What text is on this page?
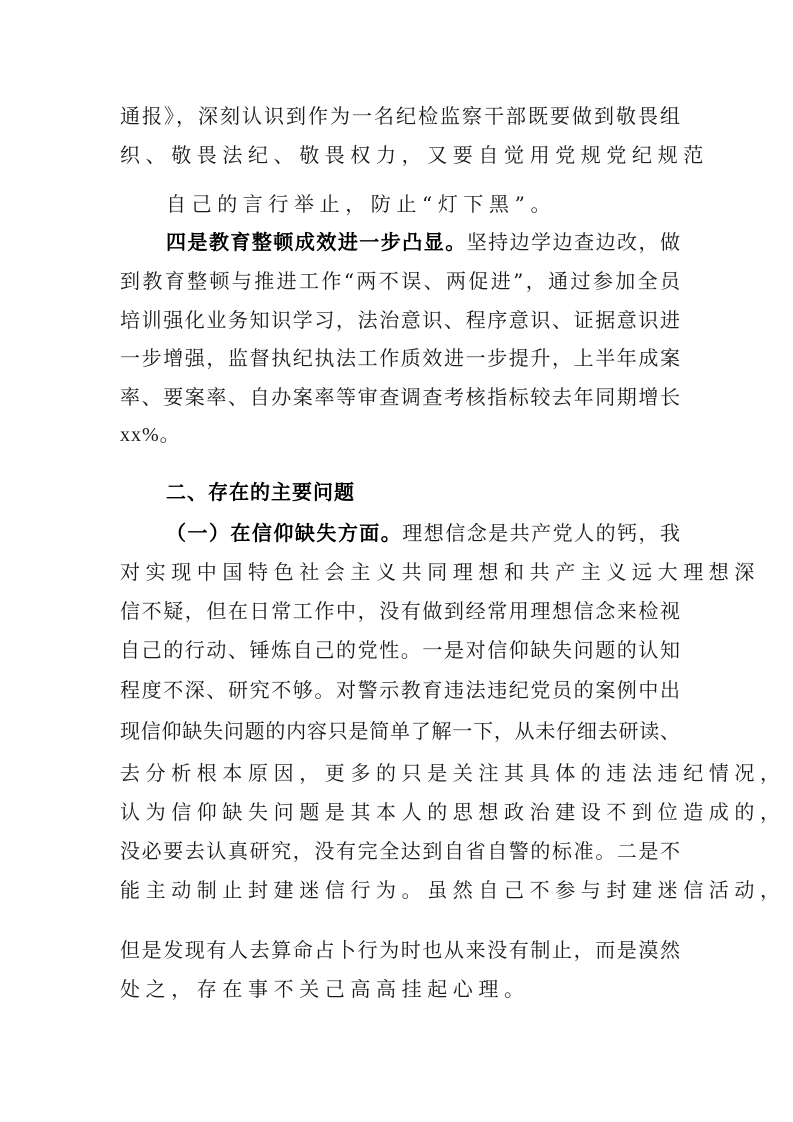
通报》，深刻认识到作为一名纪检监察干部既要做到敬畏组
织、敬畏法纪、敬畏权力，又要自觉用党规党纪规范
自己的言行举止，防止“灯下黑”。
四是教育整顿成效进一步凸显。坚持边学边查边改，做
到教育整顿与推进工作“两不误、两促进”，通过参加全员
培训强化业务知识学习，法治意识、程序意识、证据意识进
一步增强，监督执纪执法工作质效进一步提升，上半年成案
率、要案率、自办案率等审查调查考核指标较去年同期增长
xx%。
二、存在的主要问题
（一）在信仰缺失方面。理想信念是共产党人的钙，我
对实现中国特色社会主义共同理想和共产主义远大理想深
信不疑，但在日常工作中，没有做到经常用理想信念来检视
自己的行动、锤炼自己的党性。一是对信仰缺失问题的认知
程度不深、研究不够。对警示教育违法违纪党员的案例中出
现信仰缺失问题的内容只是简单了解一下，从未仔细去研读、
去分析根本原因，更多的只是关注其具体的违法违纪情况，
认为信仰缺失问题是其本人的思想政治建设不到位造成的，
没必要去认真研究，没有完全达到自省自警的标准。二是不
能主动制止封建迷信行为。虽然自己不参与封建迷信活动，
但是发现有人去算命占卜行为时也从来没有制止，而是漠然
处之，存在事不关己高高挂起心理。
